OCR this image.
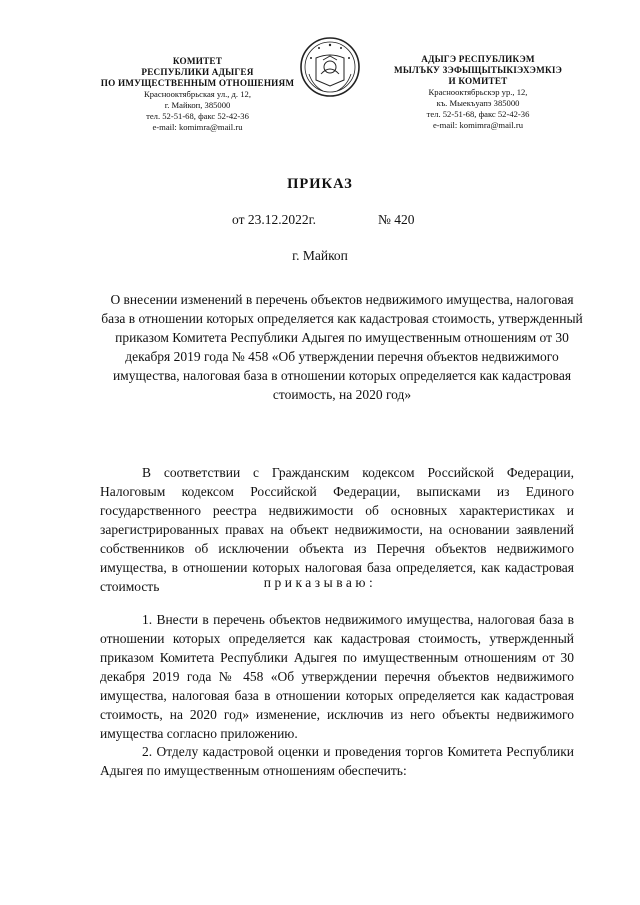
КОМИТЕТ
РЕСПУБЛИКИ АДЫГЕЯ
ПО ИМУЩЕСТВЕННЫМ ОТНОШЕНИЯМ
Краснооктябрьская ул., д. 12,
г. Майкоп, 385000
тел. 52-51-68, факс 52-42-36
e-mail: komimra@mail.ru
АДЫГЭ РЕСПУБЛИКЭМ
МЫЛЪКУ ЗЭФЫЩЫТЫКIЭХЭМКIЭ
И КОМИТЕТ
Краснооктябрьскэр ур., 12,
къ. Мыекъуапэ 385000
тел. 52-51-68, факс 52-42-36
e-mail: komimra@mail.ru
ПРИКАЗ
от 23.12.2022г.	№ 420
г. Майкоп
О внесении изменений в перечень объектов недвижимого имущества, налоговая база в отношении которых определяется как кадастровая стоимость, утвержденный приказом Комитета Республики Адыгея по имущественным отношениям от 30 декабря 2019 года № 458 «Об утверждении перечня объектов недвижимого имущества, налоговая база в отношении которых определяется как кадастровая стоимость, на 2020 год»
В соответствии с Гражданским кодексом Российской Федерации, Налоговым кодексом Российской Федерации, выписками из Единого государственного реестра недвижимости об основных характеристиках и зарегистрированных правах на объект недвижимости, на основании заявлений собственников об исключении объекта из Перечня объектов недвижимого имущества, в отношении которых налоговая база определяется, как кадастровая стоимость	приказываю:
1. Внести в перечень объектов недвижимого имущества, налоговая база в отношении которых определяется как кадастровая стоимость, утвержденный приказом Комитета Республики Адыгея по имущественным отношениям от 30 декабря 2019 года № 458 «Об утверждении перечня объектов недвижимого имущества, налоговая база в отношении которых определяется как кадастровая стоимость, на 2020 год» изменение, исключив из него объекты недвижимого имущества согласно приложению.
2. Отделу кадастровой оценки и проведения торгов Комитета Республики Адыгея по имущественным отношениям обеспечить:
